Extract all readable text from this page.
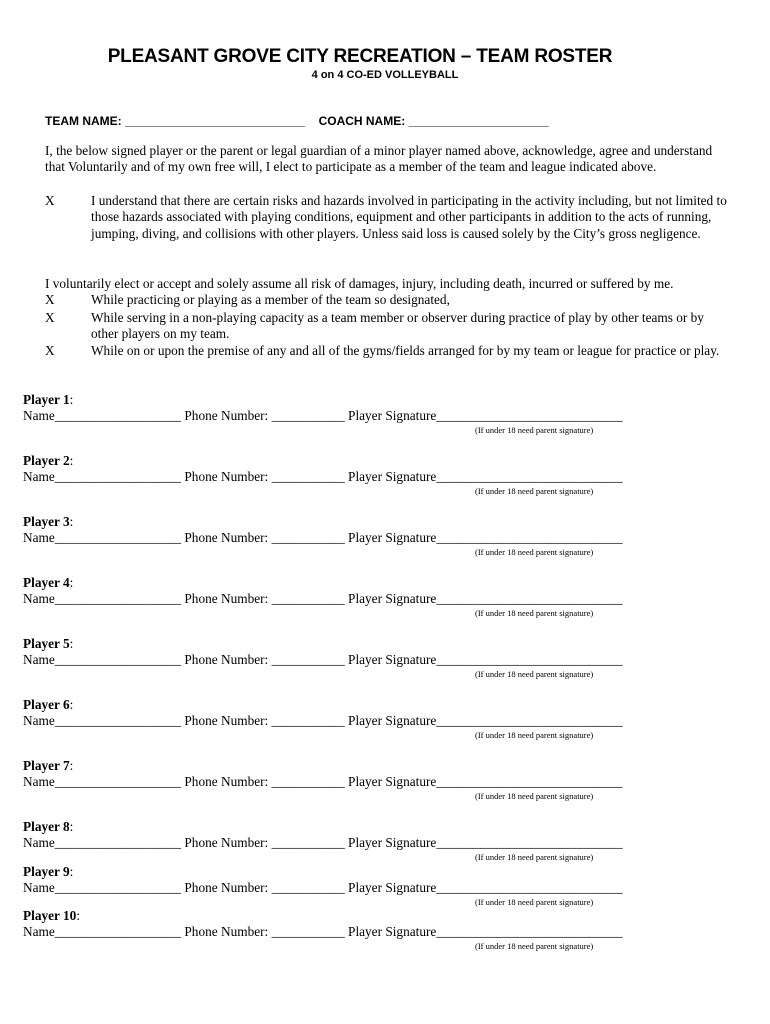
PLEASANT GROVE CITY RECREATION – TEAM ROSTER
4 on 4 CO-ED VOLLEYBALL
TEAM NAME: ___________________________ COACH NAME: _____________________
I, the below signed player or the parent or legal guardian of a minor player named above, acknowledge, agree and understand that Voluntarily and of my own free will, I elect to participate as a member of the team and league indicated above.
X	I understand that there are certain risks and hazards involved in participating in the activity including, but not limited to those hazards associated with playing conditions, equipment and other participants in addition to the acts of running, jumping, diving, and collisions with other players. Unless said loss is caused solely by the City’s gross negligence.
I voluntarily elect or accept and solely assume all risk of damages, injury, including death, incurred or suffered by me.
X	While practicing or playing as a member of the team so designated,
X	While serving in a non-playing capacity as a team member or observer during practice of play by other teams or by other players on my team.
X	While on or upon the premise of any and all of the gyms/fields arranged for by my team or league for practice or play.
Player 1:
Name___________________ Phone Number: ___________ Player Signature____________________________
(If under 18 need parent signature)
Player 2:
Name___________________ Phone Number: ___________ Player Signature____________________________
(If under 18 need parent signature)
Player 3:
Name___________________ Phone Number: ___________ Player Signature____________________________
(If under 18 need parent signature)
Player 4:
Name___________________ Phone Number: ___________ Player Signature____________________________
(If under 18 need parent signature)
Player 5:
Name___________________ Phone Number: ___________ Player Signature____________________________
(If under 18 need parent signature)
Player 6:
Name___________________ Phone Number: ___________ Player Signature____________________________
(If under 18 need parent signature)
Player 7:
Name___________________ Phone Number: ___________ Player Signature____________________________
(If under 18 need parent signature)
Player 8:
Name___________________ Phone Number: ___________ Player Signature____________________________
(If under 18 need parent signature)
Player 9:
Name___________________ Phone Number: ___________ Player Signature____________________________
(If under 18 need parent signature)
Player 10:
Name___________________ Phone Number: ___________ Player Signature____________________________
(If under 18 need parent signature)
